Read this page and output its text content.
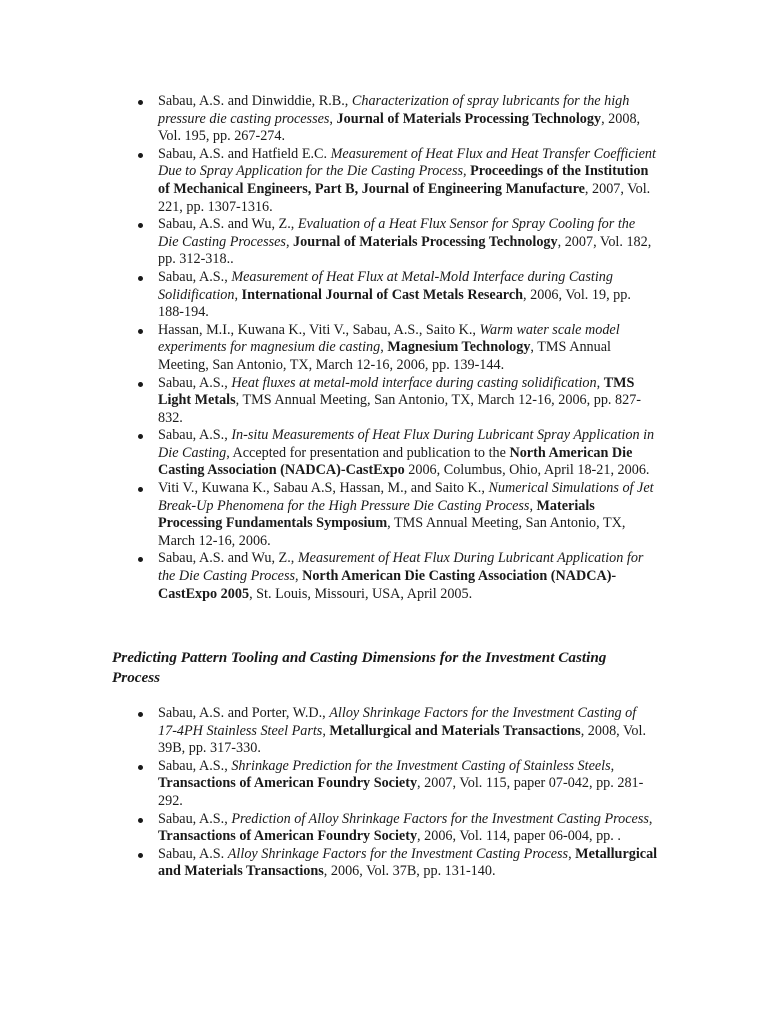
Sabau, A.S. and Dinwiddie, R.B., Characterization of spray lubricants for the high pressure die casting processes, Journal of Materials Processing Technology, 2008, Vol. 195, pp. 267-274.
Sabau, A.S. and Hatfield E.C. Measurement of Heat Flux and Heat Transfer Coefficient Due to Spray Application for the Die Casting Process, Proceedings of the Institution of Mechanical Engineers, Part B, Journal of Engineering Manufacture, 2007, Vol. 221, pp. 1307-1316.
Sabau, A.S. and Wu, Z., Evaluation of a Heat Flux Sensor for Spray Cooling for the Die Casting Processes, Journal of Materials Processing Technology, 2007, Vol. 182, pp. 312-318..
Sabau, A.S., Measurement of Heat Flux at Metal-Mold Interface during Casting Solidification, International Journal of Cast Metals Research, 2006, Vol. 19, pp. 188-194.
Hassan, M.I., Kuwana K., Viti V., Sabau, A.S., Saito K., Warm water scale model experiments for magnesium die casting, Magnesium Technology, TMS Annual Meeting, San Antonio, TX, March 12-16, 2006, pp. 139-144.
Sabau, A.S., Heat fluxes at metal-mold interface during casting solidification, TMS Light Metals, TMS Annual Meeting, San Antonio, TX, March 12-16, 2006, pp. 827-832.
Sabau, A.S., In-situ Measurements of Heat Flux During Lubricant Spray Application in Die Casting, Accepted for presentation and publication to the North American Die Casting Association (NADCA)-CastExpo 2006, Columbus, Ohio, April 18-21, 2006.
Viti V., Kuwana K., Sabau A.S, Hassan, M., and Saito K., Numerical Simulations of Jet Break-Up Phenomena for the High Pressure Die Casting Process, Materials Processing Fundamentals Symposium, TMS Annual Meeting, San Antonio, TX, March 12-16, 2006.
Sabau, A.S. and Wu, Z., Measurement of Heat Flux During Lubricant Application for the Die Casting Process, North American Die Casting Association (NADCA)-CastExpo 2005, St. Louis, Missouri, USA, April 2005.
Predicting Pattern Tooling and Casting Dimensions for the Investment Casting Process
Sabau, A.S. and Porter, W.D., Alloy Shrinkage Factors for the Investment Casting of 17-4PH Stainless Steel Parts, Metallurgical and Materials Transactions, 2008, Vol. 39B, pp. 317-330.
Sabau, A.S., Shrinkage Prediction for the Investment Casting of Stainless Steels, Transactions of American Foundry Society, 2007, Vol. 115, paper 07-042, pp. 281-292.
Sabau, A.S., Prediction of Alloy Shrinkage Factors for the Investment Casting Process, Transactions of American Foundry Society, 2006, Vol. 114, paper 06-004, pp. .
Sabau, A.S. Alloy Shrinkage Factors for the Investment Casting Process, Metallurgical and Materials Transactions, 2006, Vol. 37B, pp. 131-140.
